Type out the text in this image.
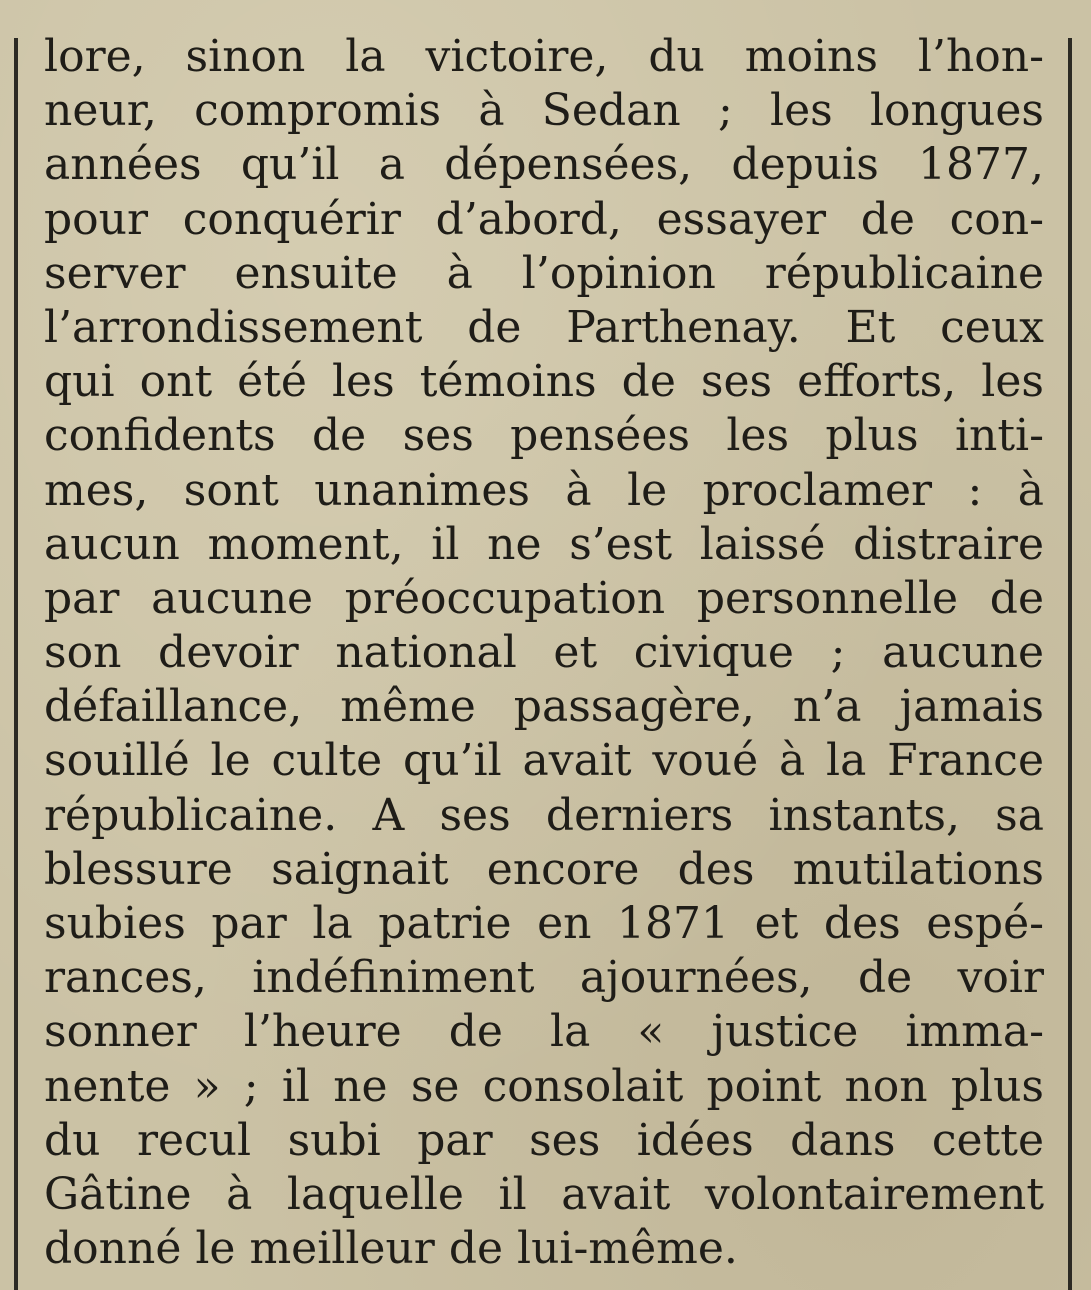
lore, sinon la victoire, du moins l’hon-
neur, compromis à Sedan ; les longues
années qu’il a dépensées, depuis 1877,
pour conquérir d’abord, essayer de con-
server ensuite à l’opinion républicaine
l’arrondissement de Parthenay. Et ceux
qui ont été les témoins de ses efforts, les
confidents de ses pensées les plus inti-
mes, sont unanimes à le proclamer : à
aucun moment, il ne s’est laissé distraire
par aucune préoccupation personnelle de
son devoir national et civique ; aucune
défaillance, même passagère, n’a jamais
souillé le culte qu’il avait voué à la France
républicaine. A ses derniers instants, sa
blessure saignait encore des mutilations
subies par la patrie en 1871 et des espé-
rances, indéfiniment ajournées, de voir
sonner l’heure de la « justice imma-
nente » ; il ne se consolait point non plus
du recul subi par ses idées dans cette
Gâtine à laquelle il avait volontairement
donné le meilleur de lui-même.
